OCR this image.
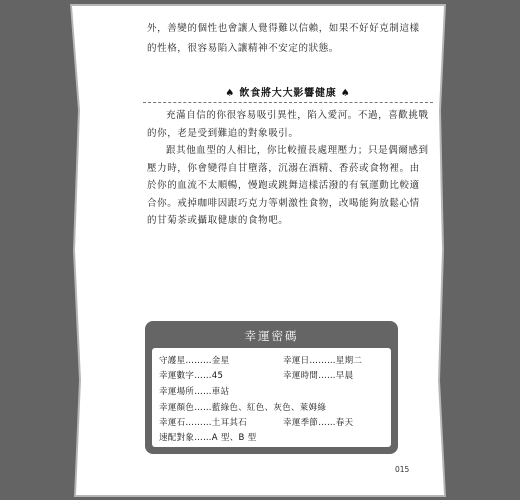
外，善變的個性也會讓人覺得難以信賴，如果不好好克制這樣的性格，很容易陷入讓精神不安定的狀態。

♠ 飲食將大大影響健康 ♠

充滿自信的你很容易吸引異性，陷入愛河。不過，喜歡挑戰的你，老是受到難追的對象吸引。

跟其他血型的人相比，你比較擅長處理壓力；只是偶爾感到壓力時，你會變得自甘墮落，沉溺在酒精、香菸或食物裡。由於你的血流不太順暢，慢跑或跳舞這樣活潑的有氧運動比較適合你。戒掉咖啡因跟巧克力等刺激性食物，改喝能夠放鬆心情的甘菊茶或攝取健康的食物吧。

幸運密碼
守護星………金星	幸運日………星期二
幸運數字……45	幸運時間……早晨
幸運場所……車站
幸運顏色……藍綠色、紅色、灰色、萊姆綠
幸運石………土耳其石	幸運季節……春天
速配對象……A 型、B 型
015
